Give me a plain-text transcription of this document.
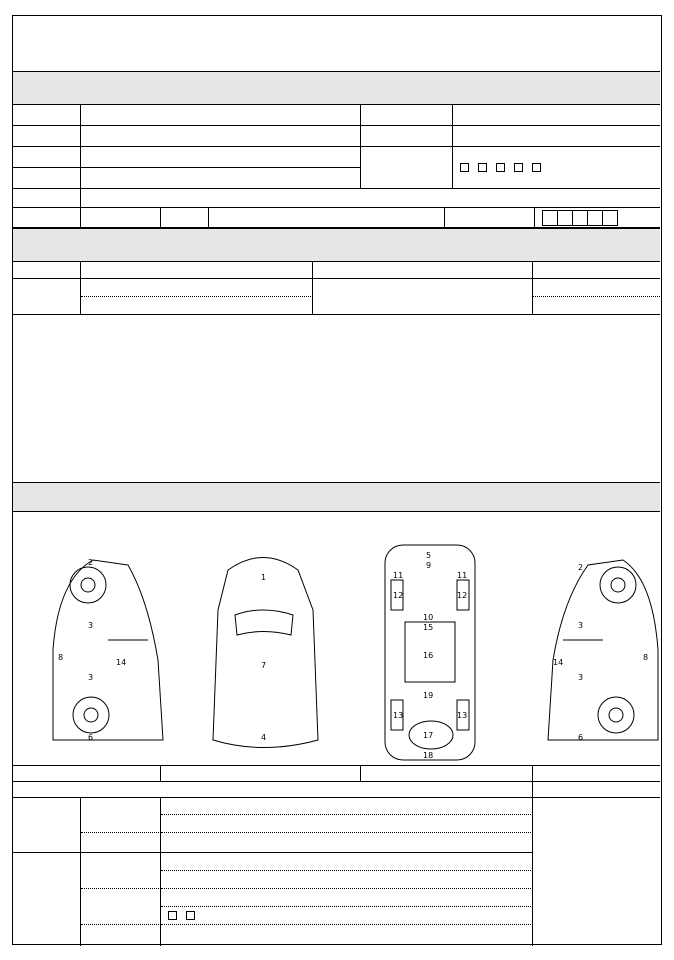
2
3
3
6
8
14
1
7
4
5
9
10
15
16
19
17
18
11	11
12	12
13	13
2
3
3
6
14
8
